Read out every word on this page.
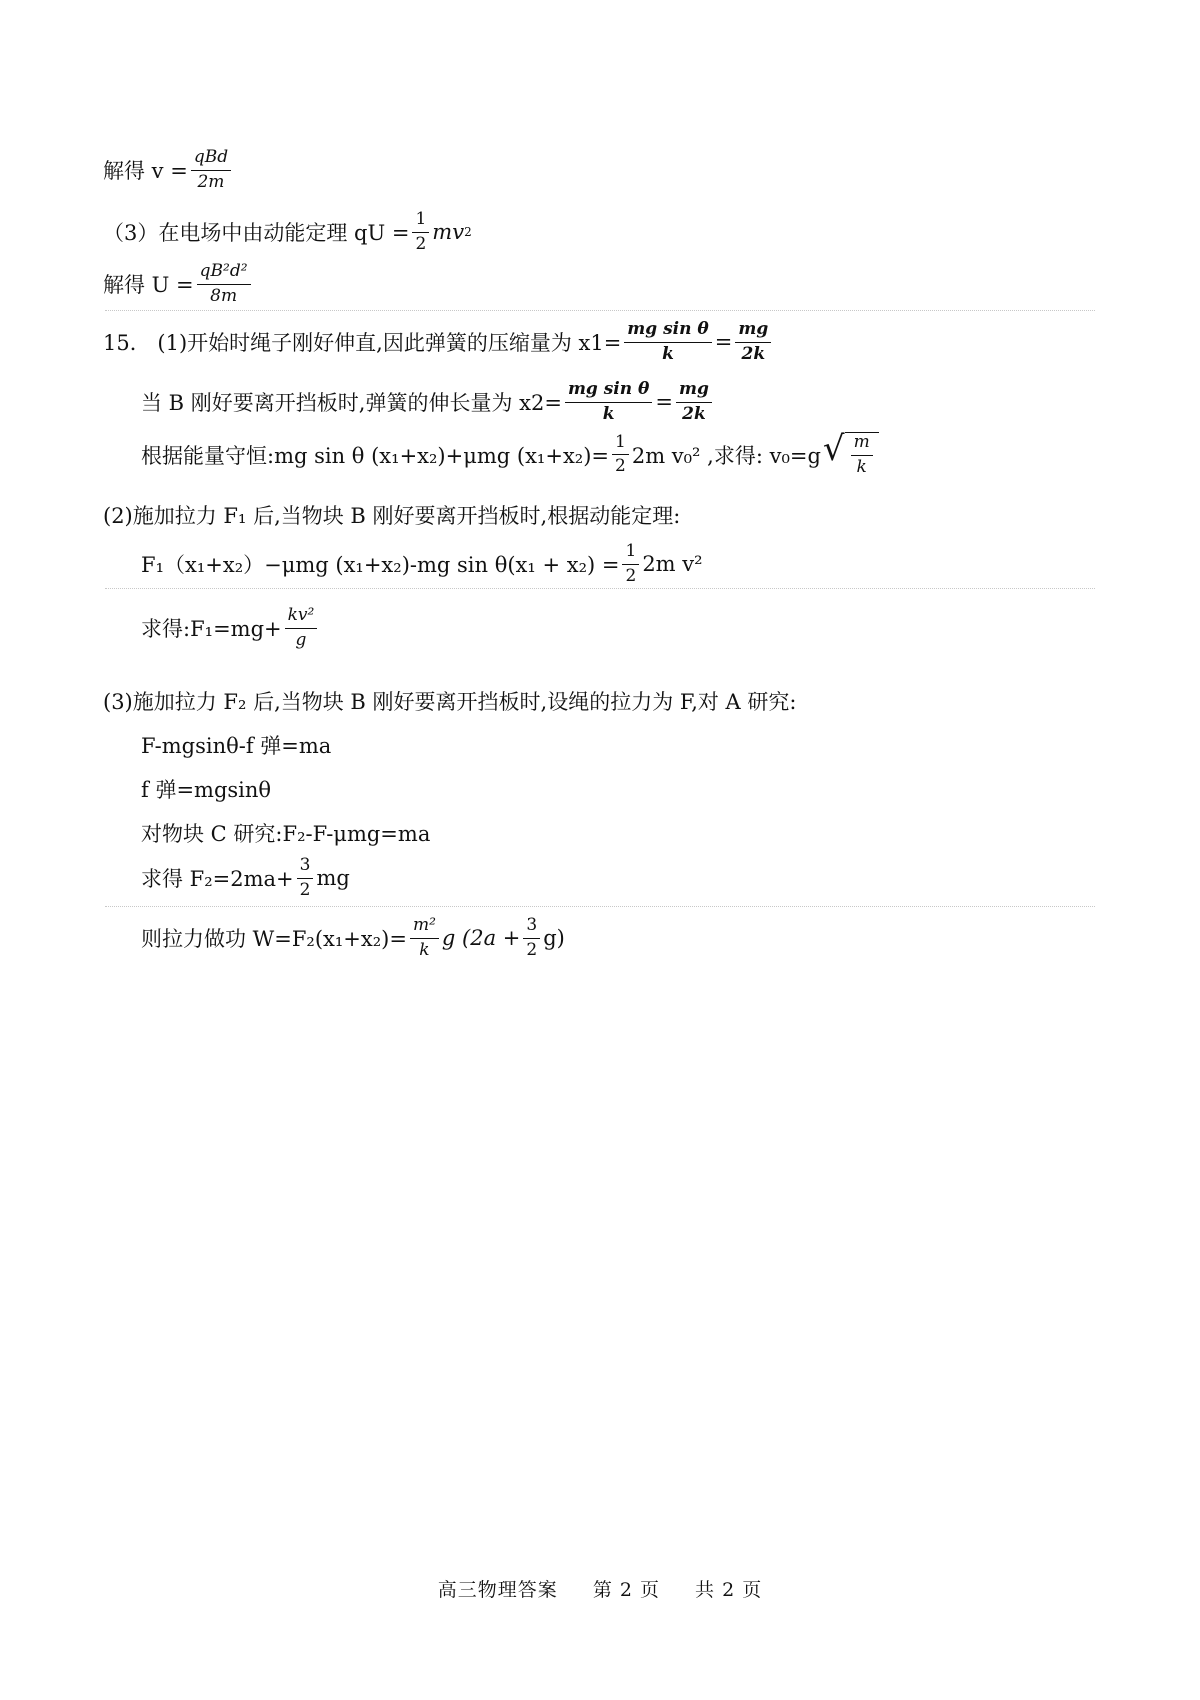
解得 $v = \frac{\text{qBd}}{2m}$
（3）在电场中由动能定理 qU = $\frac{1}{2}$ mv 2
解得 $U = \frac{\text{qB²d²}}{8m}$
15． (1)开始时绳子刚好伸直,因此弹簧的压缩量为 $x1= \frac{\text{mg sin θ}}{k} = \frac{mg}{2k}$
当 B 刚好要离开挡板时,弹簧的伸长量为 $x2= \frac{\text{mg sin θ}}{k} = \frac{mg}{2k}$
根据能量守恒:mg sin θ (x₁+x₂)+μmg $(x_1+x_2)= \frac{1}{2} 2m$ v₀² ,求得: v₀=g √ $\frac{m}{k}$
(2)施加拉力 F₁ 后,当物块 B 刚好要离开挡板时,根据动能定理:
F₁（x₁+x₂）−μmg (x₁+x₂)-mg $\sin \theta(x_1 + x_2) = \frac{1}{2} 2m$ v²
求得:F₁=mg+ $\frac{\text{kv²}}{g}$
(3)施加拉力 F₂ 后,当物块 B 刚好要离开挡板时,设绳的拉力为 F,对 A 研究:
F-mgsinθ-f 弹=ma
f 弹=mgsinθ
对物块 C 研究:F₂-F-μmg=ma
求得 $F_2=2ma+ \frac{3}{2}$ mg
则拉力做功 $W=F_2(x_1+x_2)= \frac{\text{m²}}{k}$ g $(2a + \frac{3}{2} g)$
高三物理答案 第 2 页 共 2 页
